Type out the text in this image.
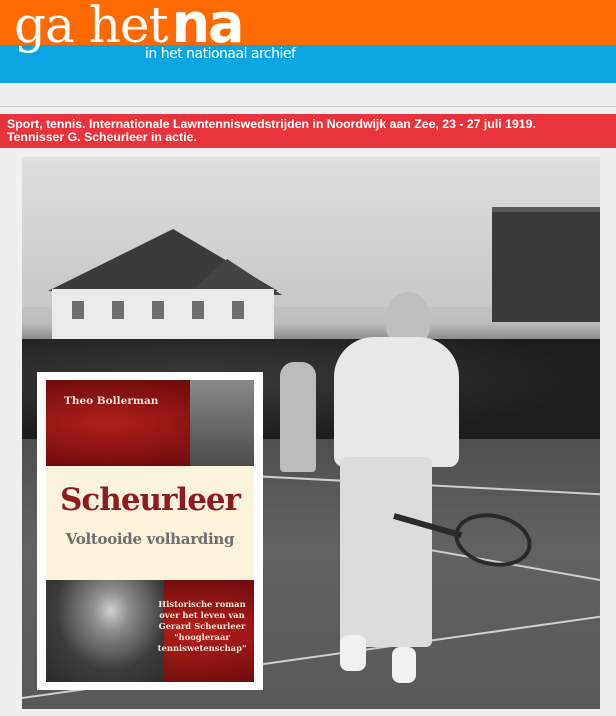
ga hetna
in het nationaal archief
Sport, tennis. Internationale Lawntenniswedstrijden in Noordwijk aan Zee, 23 - 27 juli 1919.
Tennisser G. Scheurleer in actie.
Theo Bollerman
Scheurleer
Voltooide volharding
Historische roman
over het leven van
Gerard Scheurleer
"hoogleraar
tenniswetenschap"
